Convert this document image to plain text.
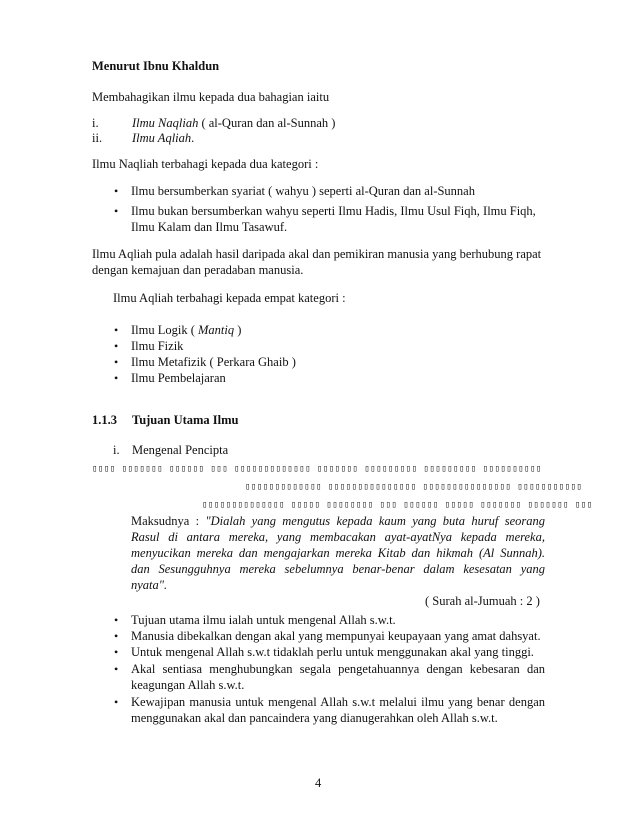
Menurut Ibnu Khaldun
Membahagikan ilmu kepada dua bahagian iaitu
i.	Ilmu Naqliah ( al-Quran dan al-Sunnah )
ii. Ilmu Aqliah.
Ilmu Naqliah terbahagi kepada dua kategori :
• Ilmu bersumberkan syariat ( wahyu ) seperti al-Quran dan al-Sunnah
• Ilmu bukan bersumberkan wahyu seperti Ilmu Hadis, Ilmu Usul Fiqh, Ilmu Fiqh,
Ilmu Kalam dan Ilmu Tasawuf.
Ilmu Aqliah pula adalah hasil daripada akal dan pemikiran manusia yang berhubung rapat
dengan kemajuan dan peradaban manusia.
Ilmu Aqliah terbahagi kepada empat kategori :
• Ilmu Logik ( Mantiq )
• Ilmu Fizik
• Ilmu Metafizik ( Perkara Ghaib )
• Ilmu Pembelajaran
1.1.3 Tujuan Utama Ilmu
i. Mengenal Pencipta
▯▯▯▯ ▯▯▯▯▯▯▯ ▯▯▯▯▯▯ ▯▯▯ ▯▯▯▯▯▯▯▯▯▯▯▯▯ ▯▯▯▯▯▯▯ ▯▯▯▯▯▯▯▯▯ ▯▯▯▯▯▯▯▯▯ ▯▯▯▯▯▯▯▯▯▯
▯▯▯▯▯▯▯▯▯▯▯▯▯ ▯▯▯▯▯▯▯▯▯▯▯▯▯▯▯ ▯▯▯▯▯▯▯▯▯▯▯▯▯▯▯ ▯▯▯▯▯▯▯▯▯▯▯
▯▯▯▯▯▯▯▯▯▯▯▯▯▯ ▯▯▯▯▯ ▯▯▯▯▯▯▯▯ ▯▯▯ ▯▯▯▯▯▯ ▯▯▯▯▯ ▯▯▯▯▯▯▯ ▯▯▯▯▯▯▯ ▯▯▯
Maksudnya : "Dialah yang mengutus kepada kaum yang buta huruf seorang
Rasul di antara mereka, yang membacakan ayat-ayatNya kepada mereka,
menyucikan mereka dan mengajarkan mereka Kitab dan hikmah (Al Sunnah).
dan Sesungguhnya mereka sebelumnya benar-benar dalam kesesatan yang
nyata".
( Surah al-Jumuah : 2 )
• Tujuan utama ilmu ialah untuk mengenal Allah s.w.t.
• Manusia dibekalkan dengan akal yang mempunyai keupayaan yang amat dahsyat.
• Untuk mengenal Allah s.w.t tidaklah perlu untuk menggunakan akal yang tinggi.
• Akal sentiasa menghubungkan segala pengetahuannya dengan kebesaran dan
keagungan Allah s.w.t.
• Kewajipan manusia untuk mengenal Allah s.w.t melalui ilmu yang benar dengan
menggunakan akal dan pancaindera yang dianugerahkan oleh Allah s.w.t.
4
